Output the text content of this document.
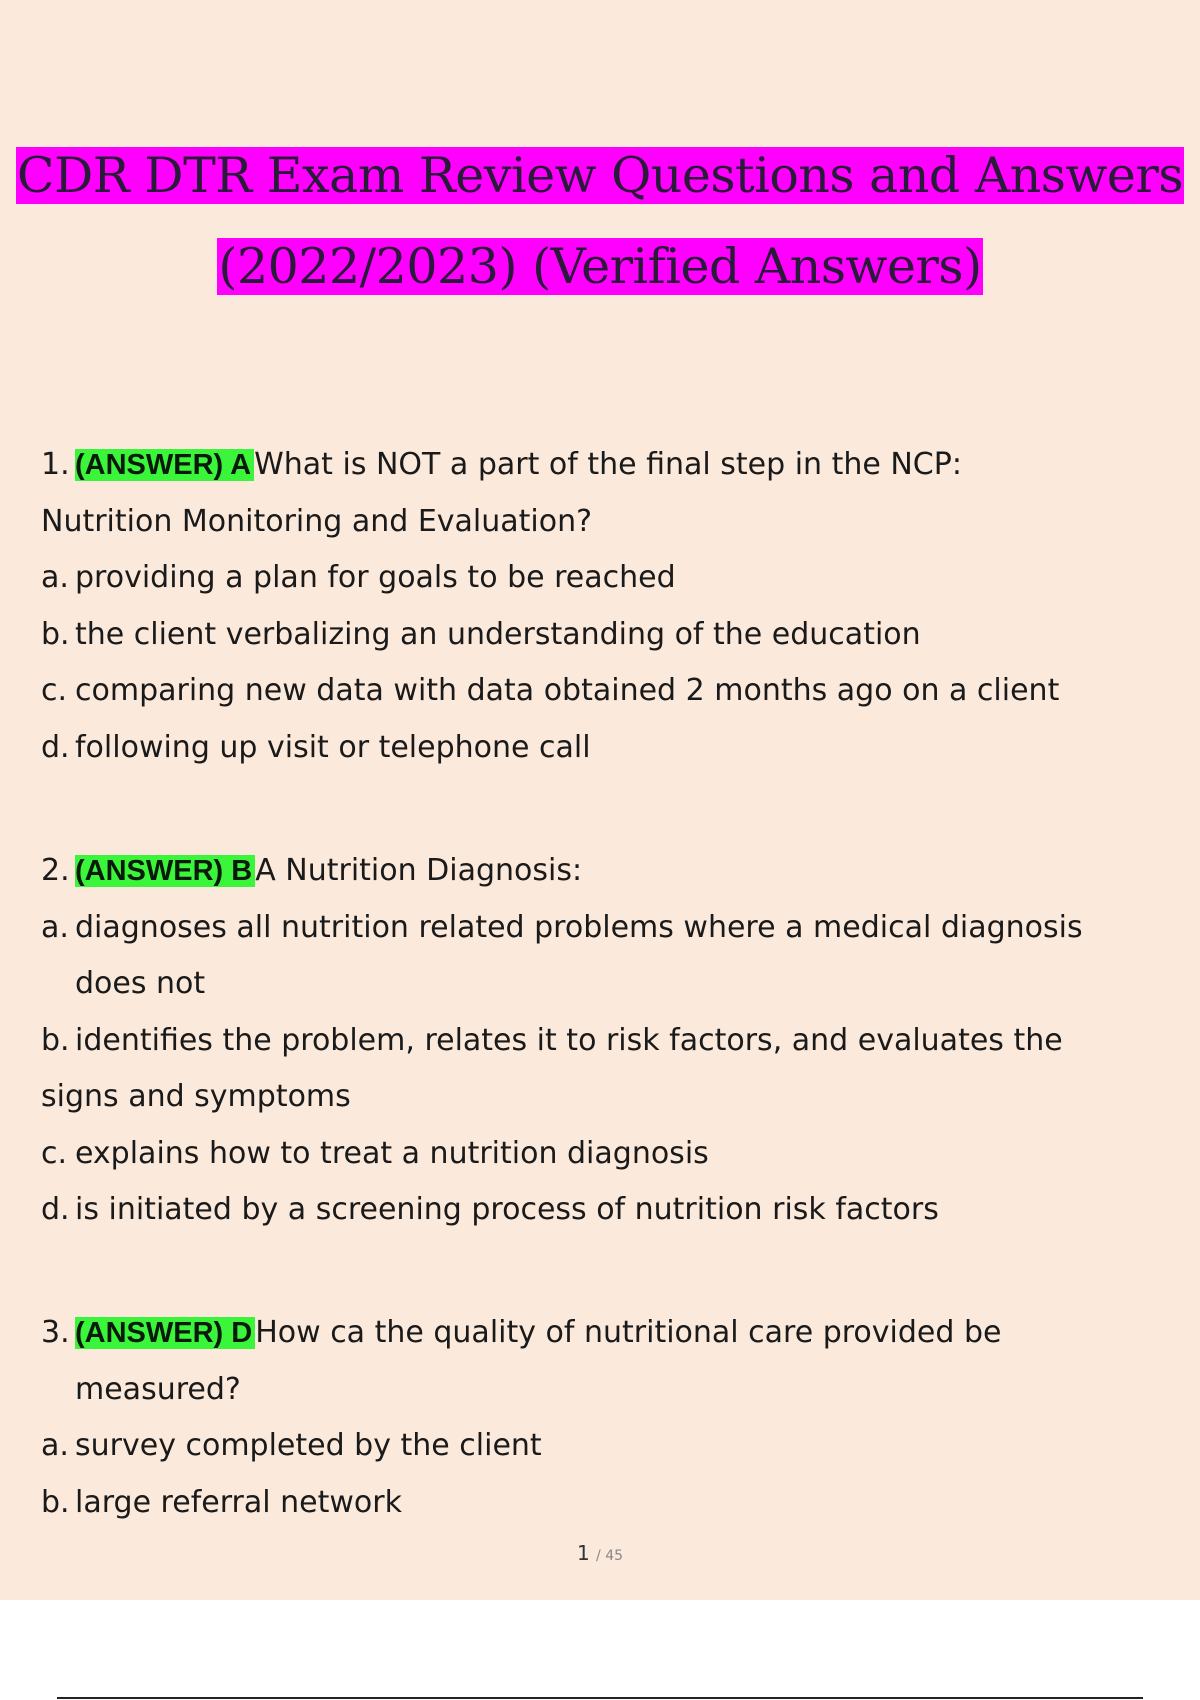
CDR DTR Exam Review Questions and Answers
(2022/2023) (Verified Answers)
1. (ANSWER) A What is NOT a part of the final step in the NCP:
Nutrition Monitoring and Evaluation?
a. providing a plan for goals to be reached
b. the client verbalizing an understanding of the education
c. comparing new data with data obtained 2 months ago on a client
d. following up visit or telephone call
2. (ANSWER) B A Nutrition Diagnosis:
a. diagnoses all nutrition related problems where a medical diagnosis
does not
b. identifies the problem, relates it to risk factors, and evaluates the
signs and symptoms
c. explains how to treat a nutrition diagnosis
d. is initiated by a screening process of nutrition risk factors
3. (ANSWER) D How ca the quality of nutritional care provided be
measured?
a. survey completed by the client
b. large referral network
1 / 45
